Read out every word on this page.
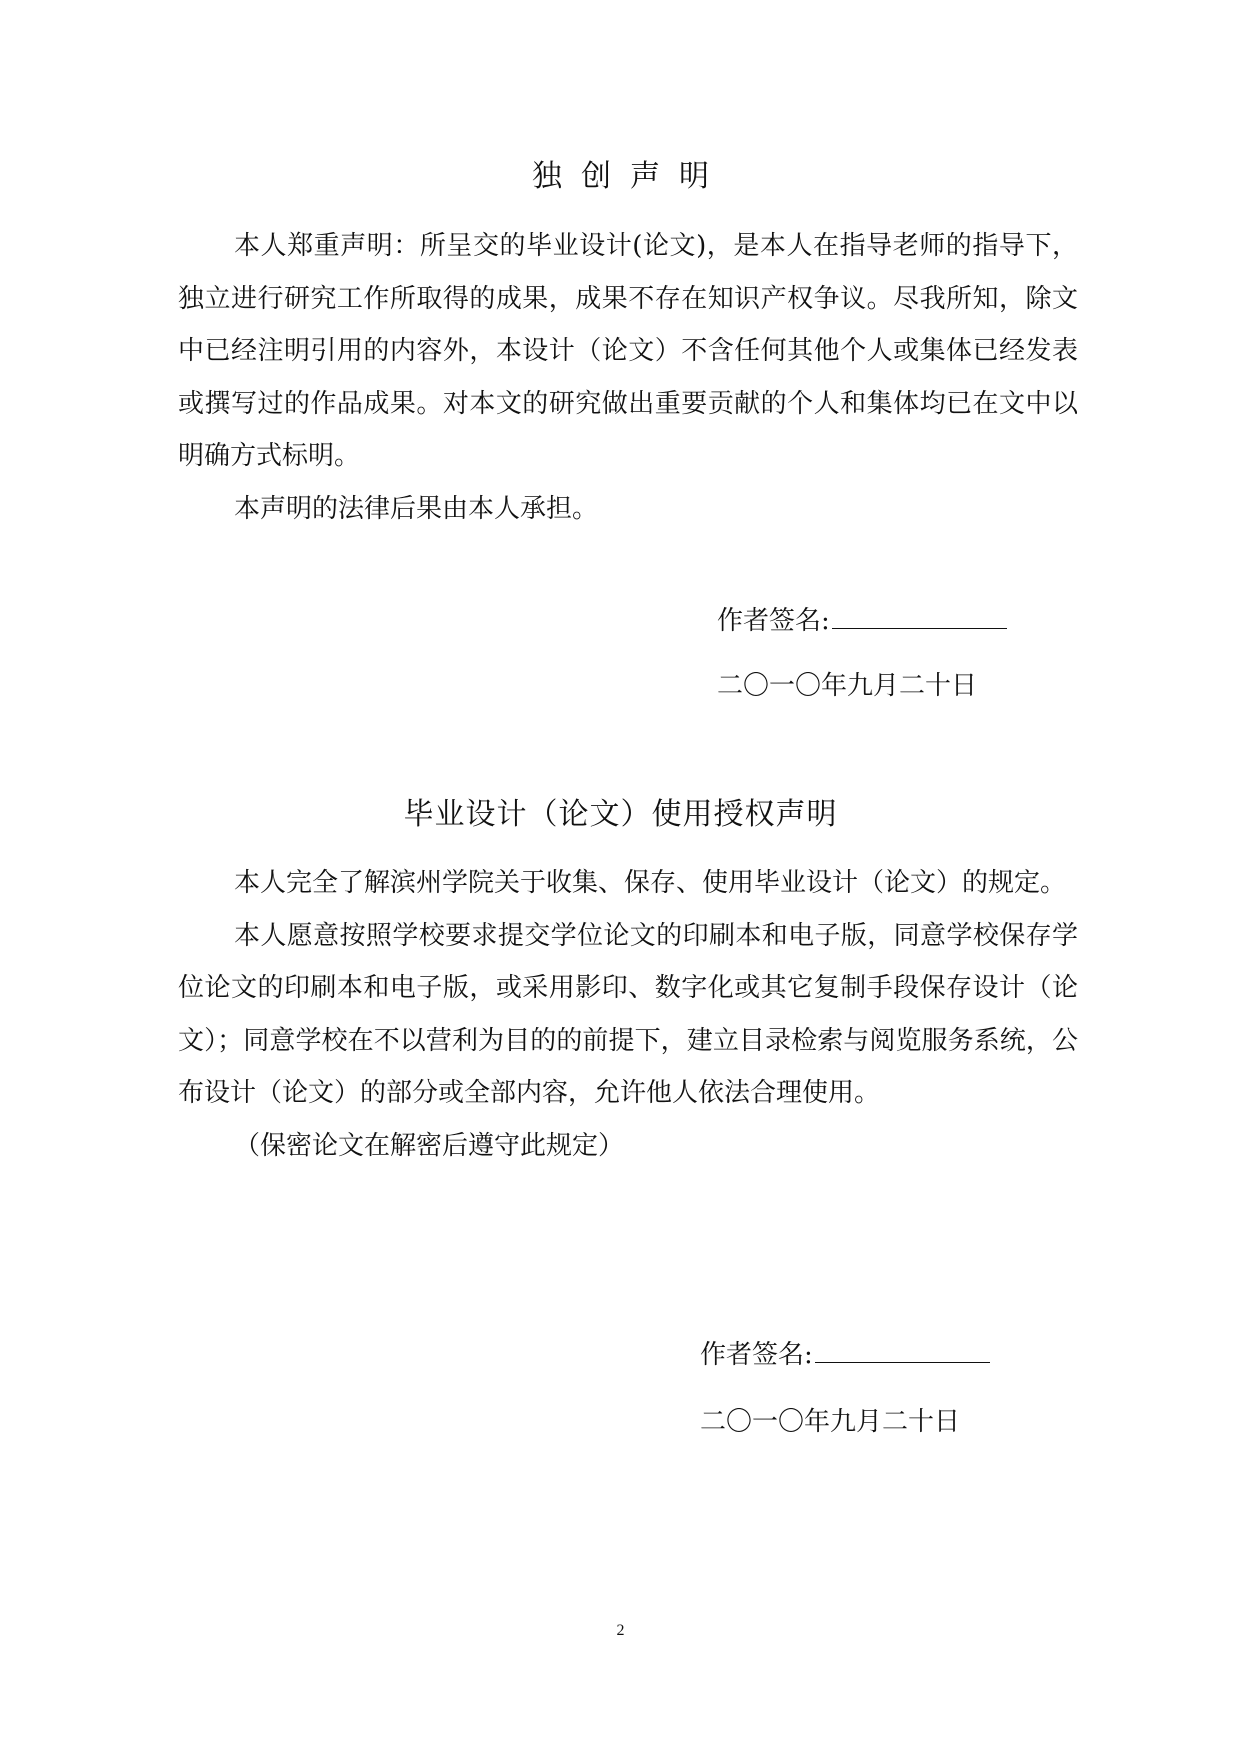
独创声明

本人郑重声明：所呈交的毕业设计(论文)，是本人在指导老师的指导下，独立进行研究工作所取得的成果，成果不存在知识产权争议。尽我所知，除文中已经注明引用的内容外，本设计（论文）不含任何其他个人或集体已经发表或撰写过的作品成果。对本文的研究做出重要贡献的个人和集体均已在文中以明确方式标明。

本声明的法律后果由本人承担。

作者签名:
二〇一〇年九月二十日
毕业设计（论文）使用授权声明

本人完全了解滨州学院关于收集、保存、使用毕业设计（论文）的规定。

本人愿意按照学校要求提交学位论文的印刷本和电子版，同意学校保存学位论文的印刷本和电子版，或采用影印、数字化或其它复制手段保存设计（论文）；同意学校在不以营利为目的的前提下，建立目录检索与阅览服务系统，公布设计（论文）的部分或全部内容，允许他人依法合理使用。

（保密论文在解密后遵守此规定）

作者签名:
二〇一〇年九月二十日
2
